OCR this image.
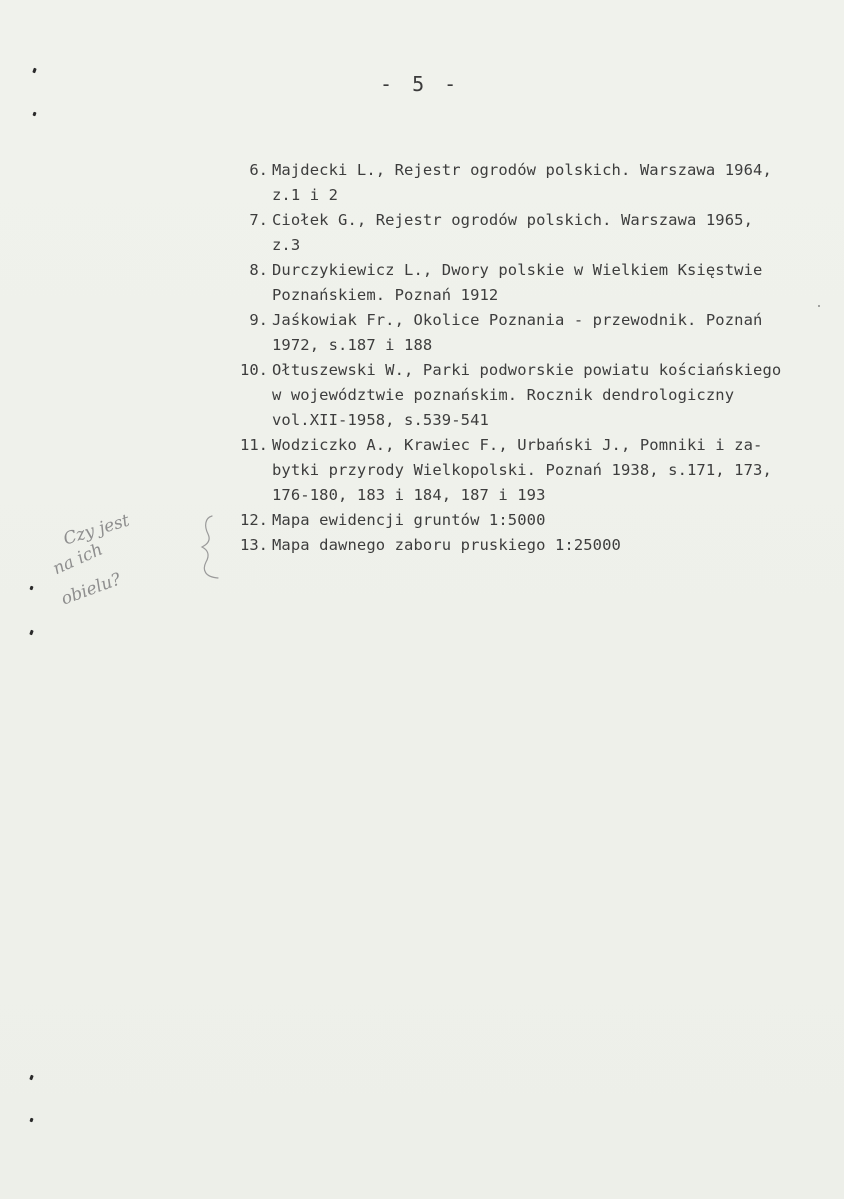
- 5 -
6. Majdecki L., Rejestr ogrodów polskich. Warszawa 1964,
z.1 i 2
7. Ciołek G., Rejestr ogrodów polskich. Warszawa 1965,
z.3
8. Durczykiewicz L., Dwory polskie w Wielkiem Księstwie
Poznańskiem. Poznań 1912
9. Jaśkowiak Fr., Okolice Poznania - przewodnik. Poznań
1972, s.187 i 188
10. Ołtuszewski W., Parki podworskie powiatu kościańskiego
w województwie poznańskim. Rocznik dendrologiczny
vol.XII-1958, s.539-541
11. Wodziczko A., Krawiec F., Urbański J., Pomniki i za-
bytki przyrody Wielkopolski. Poznań 1938, s.171, 173,
176-180, 183 i 184, 187 i 193
12. Mapa ewidencji gruntów 1:5000
13. Mapa dawnego zaboru pruskiego 1:25000
Czy jest
na ich
obielu?
